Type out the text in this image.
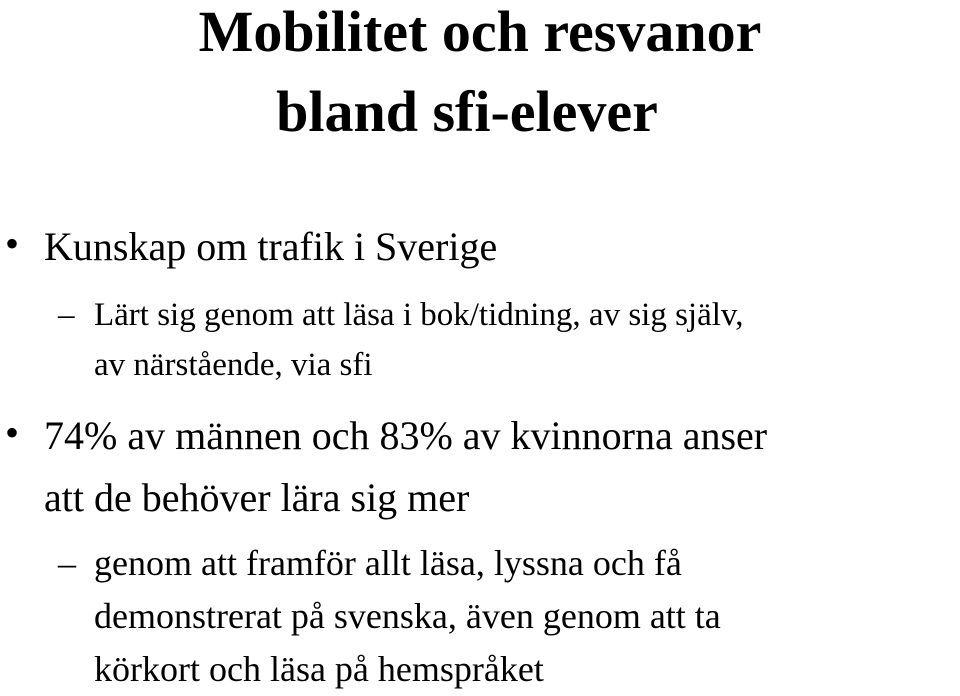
Mobilitet och resvanor
bland sfi-elever
• Kunskap om trafik i Sverige
– Lärt sig genom att läsa i bok/tidning, av sig själv,
av närstående, via sfi
• 74% av männen och 83% av kvinnorna anser
att de behöver lära sig mer
– genom att framför allt läsa, lyssna och få
demonstrerat på svenska, även genom att ta
körkort och läsa på hemspråket
